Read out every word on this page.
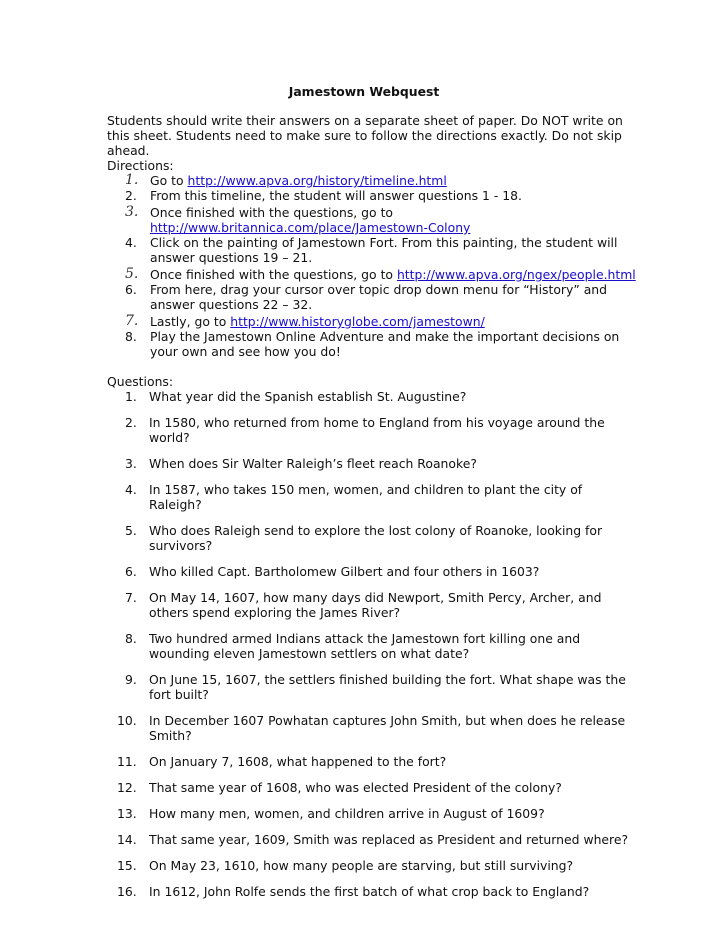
Jamestown Webquest
Students should write their answers on a separate sheet of paper. Do NOT write on this sheet. Students need to make sure to follow the directions exactly. Do not skip ahead.
Directions:
1. Go to http://www.apva.org/history/timeline.html
2. From this timeline, the student will answer questions 1 - 18.
3. Once finished with the questions, go to
http://www.britannica.com/place/Jamestown-Colony
4. Click on the painting of Jamestown Fort. From this painting, the student will answer questions 19 – 21.
5. Once finished with the questions, go to http://www.apva.org/ngex/people.html
6. From here, drag your cursor over topic drop down menu for “History” and answer questions 22 – 32.
7. Lastly, go to http://www.historyglobe.com/jamestown/
8. Play the Jamestown Online Adventure and make the important decisions on your own and see how you do!
Questions:
1. What year did the Spanish establish St. Augustine?
2. In 1580, who returned from home to England from his voyage around the world?
3. When does Sir Walter Raleigh’s fleet reach Roanoke?
4. In 1587, who takes 150 men, women, and children to plant the city of Raleigh?
5. Who does Raleigh send to explore the lost colony of Roanoke, looking for survivors?
6. Who killed Capt. Bartholomew Gilbert and four others in 1603?
7. On May 14, 1607, how many days did Newport, Smith Percy, Archer, and others spend exploring the James River?
8. Two hundred armed Indians attack the Jamestown fort killing one and wounding eleven Jamestown settlers on what date?
9. On June 15, 1607, the settlers finished building the fort. What shape was the fort built?
10. In December 1607 Powhatan captures John Smith, but when does he release Smith?
11. On January 7, 1608, what happened to the fort?
12. That same year of 1608, who was elected President of the colony?
13. How many men, women, and children arrive in August of 1609?
14. That same year, 1609, Smith was replaced as President and returned where?
15. On May 23, 1610, how many people are starving, but still surviving?
16. In 1612, John Rolfe sends the first batch of what crop back to England?
